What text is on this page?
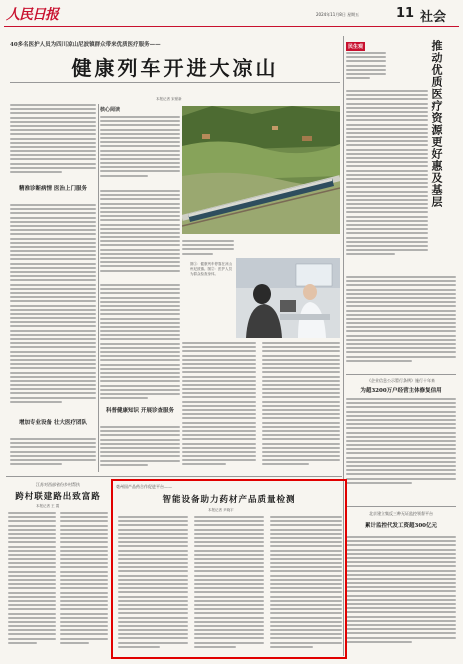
人民日报	2024年11月8日 星期五	11 社会
40多名医护人员为四川凉山尼波镇群众带来优质医疗服务——
健康列车开进大凉山
本报记者 宋豪新
精准诊断病情 医治上门服务
增加专业设备 壮大医疗团队
核心阅读
科普健康知识 开展诊查服务
图①：健康列车停靠在凉山州尼波镇。图②：医护人员为群众检查身体。
民生观	推动优质医疗资源更好惠及基层
《企业信息公示暂行条例》施行十年来
为超3200万户经营主体修复信用
北京建立集反三种无证监控领督平台
累计监控代发工资超300亿元
江苏对西部省份乡村帮扶
跨村联建路出致富路
本报记者 王 震
亳州国产品药合作促进平台——
智能设备助力药材产品质量检测
本报记者 尹晓宇
